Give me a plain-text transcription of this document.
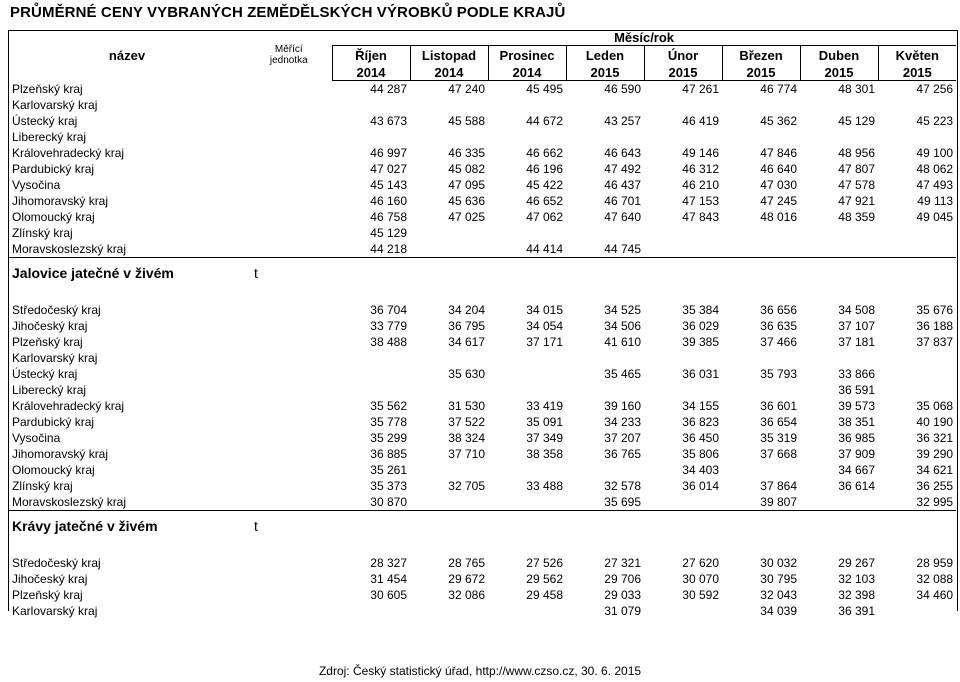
PRŮMĚRNÉ CENY VYBRANÝCH ZEMĚDĚLSKÝCH VÝROBKŮ PODLE KRAJŮ
název	Měřící
jednotka	Měsíc/rok							
		Říjen	Listopad	Prosinec	Leden	Únor	Březen	Duben	Květen
		2014	2014	2014	2015	2015	2015	2015	2015
Plzeňský kraj		44 287	47 240	45 495	46 590	47 261	46 774	48 301	47 256
Karlovarský kraj									
Ústecký kraj		43 673	45 588	44 672	43 257	46 419	45 362	45 129	45 223
Liberecký kraj									
Královehradecký kraj		46 997	46 335	46 662	46 643	49 146	47 846	48 956	49 100
Pardubický kraj		47 027	45 082	46 196	47 492	46 312	46 640	47 807	48 062
Vysočina		45 143	47 095	45 422	46 437	46 210	47 030	47 578	47 493
Jihomoravský kraj		46 160	45 636	46 652	46 701	47 153	47 245	47 921	49 113
Olomoucký kraj		46 758	47 025	47 062	47 640	47 843	48 016	48 359	49 045
Zlínský kraj		45 129							
Moravskoslezský kraj		44 218		44 414	44 745				
Jalovice jatečné v živém	t								

Středočeský kraj		36 704	34 204	34 015	34 525	35 384	36 656	34 508	35 676
Jihočeský kraj		33 779	36 795	34 054	34 506	36 029	36 635	37 107	36 188
Plzeňský kraj		38 488	34 617	37 171	41 610	39 385	37 466	37 181	37 837
Karlovarský kraj									
Ústecký kraj			35 630		35 465	36 031	35 793	33 866	
Liberecký kraj								36 591	
Královehradecký kraj		35 562	31 530	33 419	39 160	34 155	36 601	39 573	35 068
Pardubický kraj		35 778	37 522	35 091	34 233	36 823	36 654	38 351	40 190
Vysočina		35 299	38 324	37 349	37 207	36 450	35 319	36 985	36 321
Jihomoravský kraj		36 885	37 710	38 358	36 765	35 806	37 668	37 909	39 290
Olomoucký kraj		35 261				34 403		34 667	34 621
Zlínský kraj		35 373	32 705	33 488	32 578	36 014	37 864	36 614	36 255
Moravskoslezský kraj		30 870			35 695		39 807		32 995
Krávy jatečné v živém	t								

Středočeský kraj		28 327	28 765	27 526	27 321	27 620	30 032	29 267	28 959
Jihočeský kraj		31 454	29 672	29 562	29 706	30 070	30 795	32 103	32 088
Plzeňský kraj		30 605	32 086	29 458	29 033	30 592	32 043	32 398	34 460
Karlovarský kraj					31 079		34 039	36 391	
Zdroj: Český statistický úřad, http://www.czso.cz, 30. 6. 2015
